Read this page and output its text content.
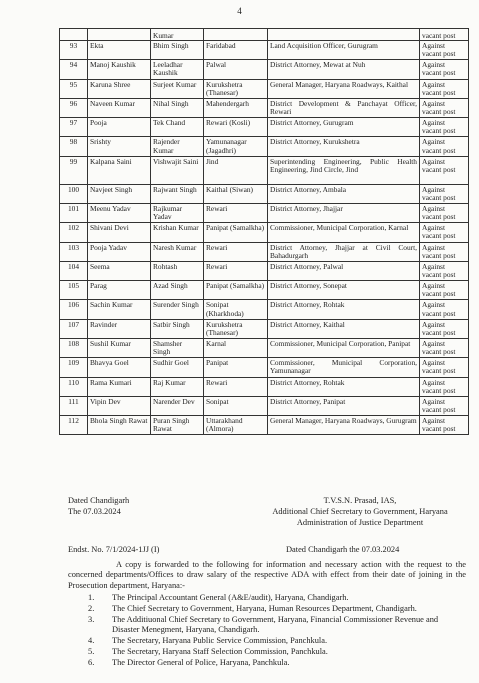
4
		Kumar			vacant post
93	Ekta	Bhim Singh	Faridabad	Land Acquisition Officer, Gurugram	Against vacant post
94	Manoj Kaushik	Leeladhar Kaushik	Palwal	District Attorney, Mewat at Nuh	Against vacant post
95	Karuna Shree	Surjeet Kumar	Kurukshetra (Thanesar)	General Manager, Haryana Roadways, Kaithal	Against vacant post
96	Naveen Kumar	Nihal Singh	Mahendergarh	District Development & Panchayat Officer, Rewari	Against vacant post
97	Pooja	Tek Chand	Rewari (Kosli)	District Attorney, Gurugram	Against vacant post
98	Srishty	Rajender Kumar	Yamunanagar (Jagadhri)	District Attorney, Kurukshetra	Against vacant post
99	Kalpana Saini	Vishwajit Saini	Jind	Superintending Engineering, Public Health Engineering, Jind Circle, Jind	Against vacant post
100	Navjeet Singh	Rajwant Singh	Kaithal (Siwan)	District Attorney, Ambala	Against vacant post
101	Meenu Yadav	Rajkumar Yadav	Rewari	District Attorney, Jhajjar	Against vacant post
102	Shivani Devi	Krishan Kumar	Panipat (Samalkha)	Commissioner, Municipal Corporation, Karnal	Against vacant post
103	Pooja Yadav	Naresh Kumar	Rewari	District Attorney, Jhajjar at Civil Court, Bahadurgarh	Against vacant post
104	Seema	Rohtash	Rewari	District Attorney, Palwal	Against vacant post
105	Parag	Azad Singh	Panipat (Samalkha)	District Attorney, Sonepat	Against vacant post
106	Sachin Kumar	Surender Singh	Sonipat (Kharkhoda)	District Attorney, Rohtak	Against vacant post
107	Ravinder	Satbir Singh	Kurukshetra (Thanesar)	District Attorney, Kaithal	Against vacant post
108	Sushil Kumar	Shamsher Singh	Karnal	Commissioner, Municipal Corporation, Panipat	Against vacant post
109	Bhavya Goel	Sudhir Goel	Panipat	Commissioner, Municipal Corporation, Yamunanagar	Against vacant post
110	Rama Kumari	Raj Kumar	Rewari	District Attorney, Rohtak	Against vacant post
111	Vipin Dev	Narender Dev	Sonipat	District Attorney, Panipat	Against vacant post
112	Bhola Singh Rawat	Puran Singh Rawat	Uttarakhand (Almora)	General Manager, Haryana Roadways, Gurugram	Against vacant post
Dated Chandigarh
The 07.03.2024
T.V.S.N. Prasad, IAS,
Additional Chief Secretary to Government, Haryana
Administration of Justice Department
Endst. No. 7/1/2024-1JJ (I)	Dated Chandigarh the 07.03.2024
A copy is forwarded to the following for information and necessary action with the request to the concerned departments/Offices to draw salary of the respective ADA with effect from their date of joining in the Prosecution department, Haryana:-
1. The Principal Accountant General (A&E/audit), Haryana, Chandigarh.
2. The Chief Secretary to Government, Haryana, Human Resources Department, Chandigarh.
3. The Additiuonal Chief Secretary to Government, Haryana, Financial Commissioner Revenue and Disaster Menegment, Haryana, Chandigarh.
4. The Secretary, Haryana Public Service Commission, Panchkula.
5. The Secretary, Haryana Staff Selection Commission, Panchkula.
6. The Director General of Police, Haryana, Panchkula.
